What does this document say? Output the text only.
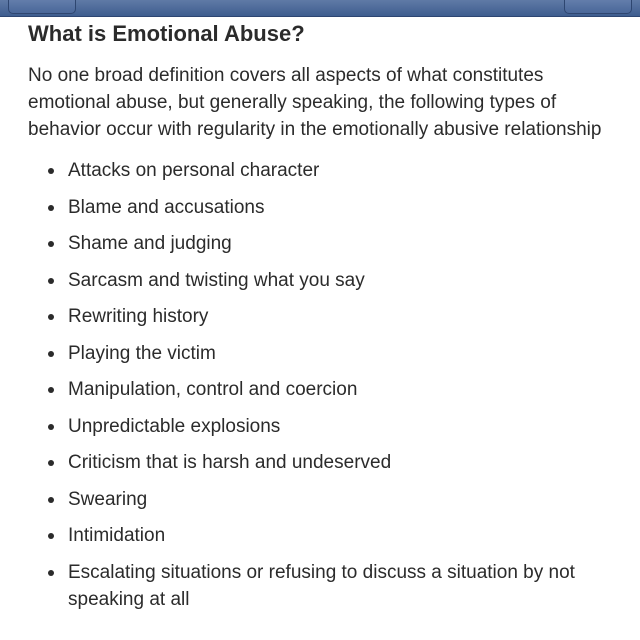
What is Emotional Abuse?

No one broad definition covers all aspects of what constitutes emotional abuse, but generally speaking, the following types of behavior occur with regularity in the emotionally abusive relationship

Attacks on personal character
Blame and accusations
Shame and judging
Sarcasm and twisting what you say
Rewriting history
Playing the victim
Manipulation, control and coercion
Unpredictable explosions
Criticism that is harsh and undeserved
Swearing
Intimidation
Escalating situations or refusing to discuss a situation by not speaking at all
